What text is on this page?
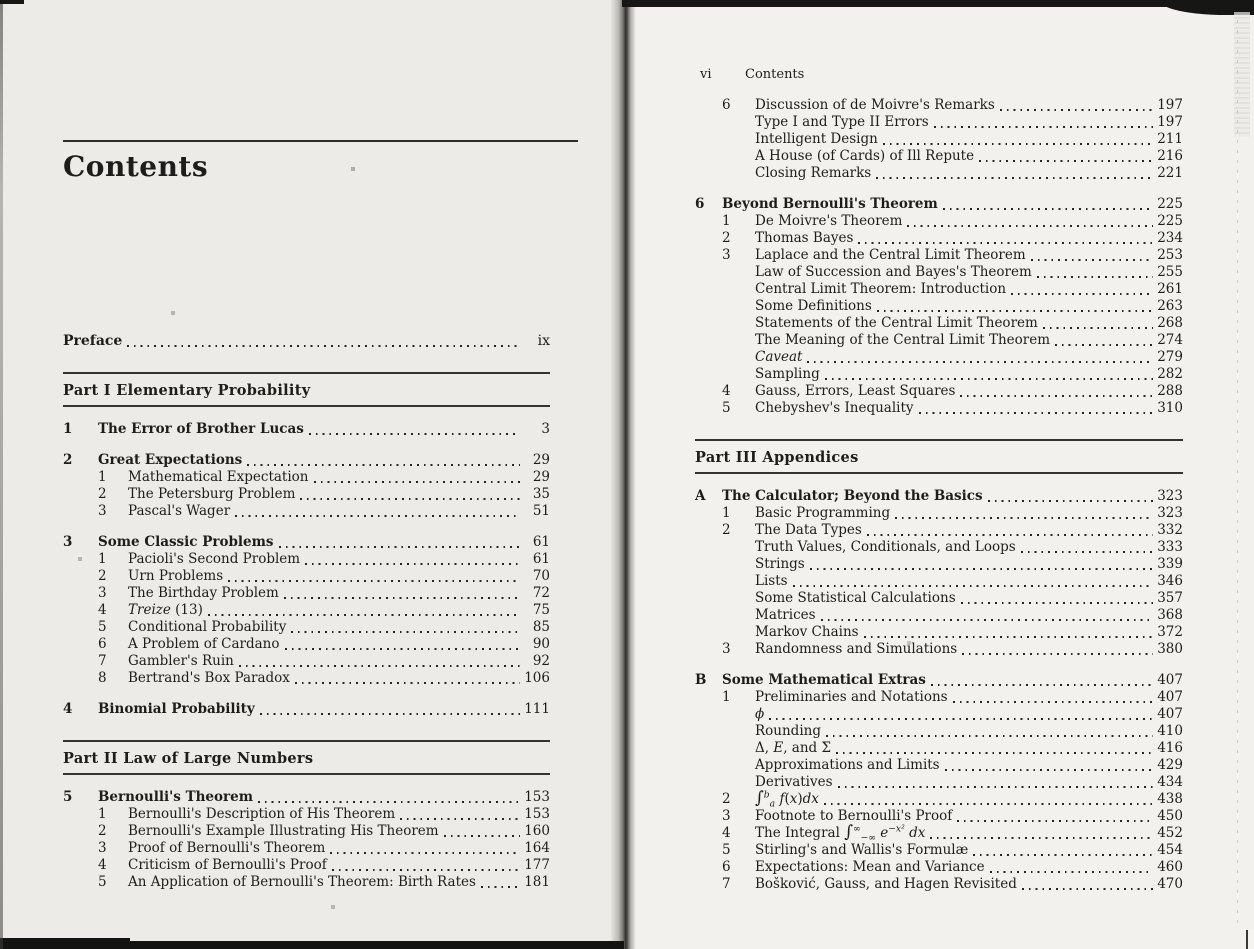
Contents
Preface	ix
Part I Elementary Probability
1	The Error of Brother Lucas	3
2	Great Expectations	29
1	Mathematical Expectation	29
2	The Petersburg Problem	35
3	Pascal's Wager	51
3	Some Classic Problems	61
1	Pacioli's Second Problem	61
2	Urn Problems	70
3	The Birthday Problem	72
4	Treize (13)	75
5	Conditional Probability	85
6	A Problem of Cardano	90
7	Gambler's Ruin	92
8	Bertrand's Box Paradox	106
4	Binomial Probability	111
Part II Law of Large Numbers
5	Bernoulli's Theorem	153
1	Bernoulli's Description of His Theorem	153
2	Bernoulli's Example Illustrating His Theorem	160
3	Proof of Bernoulli's Theorem	164
4	Criticism of Bernoulli's Proof	177
5	An Application of Bernoulli's Theorem: Birth Rates	181
vi	Contents
6	Discussion of de Moivre's Remarks	197
Type I and Type II Errors	197
Intelligent Design	211
A House (of Cards) of Ill Repute	216
Closing Remarks	221
6	Beyond Bernoulli's Theorem	225
1	De Moivre's Theorem	225
2	Thomas Bayes	234
3	Laplace and the Central Limit Theorem	253
Law of Succession and Bayes's Theorem	255
Central Limit Theorem: Introduction	261
Some Definitions	263
Statements of the Central Limit Theorem	268
The Meaning of the Central Limit Theorem	274
Caveat	279
Sampling	282
4	Gauss, Errors, Least Squares	288
5	Chebyshev's Inequality	310
Part III Appendices
A	The Calculator; Beyond the Basics	323
1	Basic Programming	323
2	The Data Types	332
Truth Values, Conditionals, and Loops	333
Strings	339
Lists	346
Some Statistical Calculations	357
Matrices	368
Markov Chains	372
3	Randomness and Simulations	380
B	Some Mathematical Extras	407
1	Preliminaries and Notations	407
ϕ	407
Rounding	410
Δ, E, and Σ	416
Approximations and Limits	429
Derivatives	434
2	∫$^b_a$ f(x)dx	438
3	Footnote to Bernoulli's Proof	450
4	The Integral $\int^\infty_{-\infty}$ $e^{-x^2}$ dx	452
5	Stirling's and Wallis's Formulæ	454
6	Expectations: Mean and Variance	460
7	Bošković, Gauss, and Hagen Revisited	470
